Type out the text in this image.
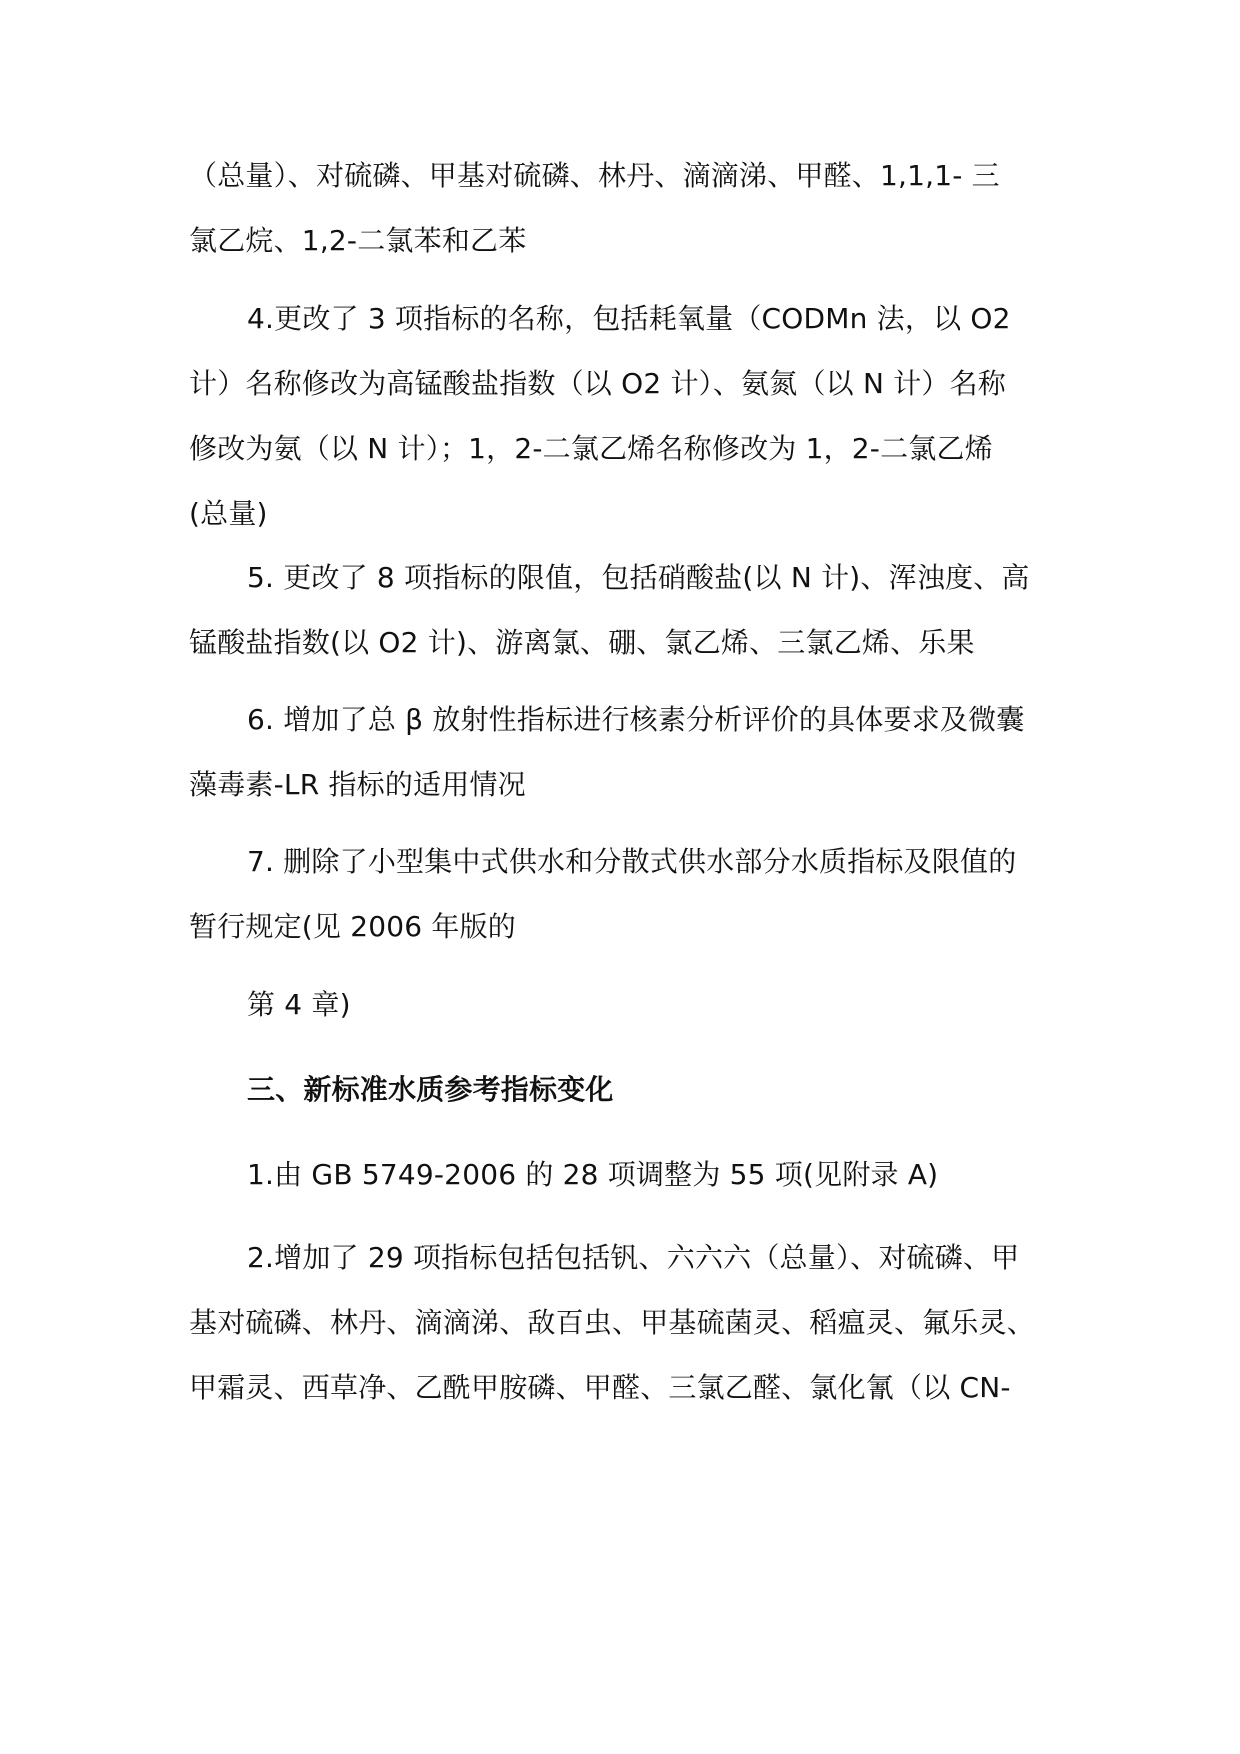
（总量）、对硫磷、甲基对硫磷、林丹、滴滴涕、甲醛、1,1,1- 三
氯乙烷、1,2-二氯苯和乙苯
4.更改了 3 项指标的名称，包括耗氧量（CODMn 法，以 O2
计）名称修改为高锰酸盐指数（以 O2 计）、氨氮（以 N 计）名称
修改为氨（以 N 计）；1，2-二氯乙烯名称修改为 1，2-二氯乙烯
(总量)
5. 更改了 8 项指标的限值，包括硝酸盐(以 N 计)、浑浊度、高
锰酸盐指数(以 O2 计)、游离氯、硼、氯乙烯、三氯乙烯、乐果
6. 增加了总 β 放射性指标进行核素分析评价的具体要求及微囊
藻毒素-LR 指标的适用情况
7. 删除了小型集中式供水和分散式供水部分水质指标及限值的
暂行规定(见 2006 年版的
第 4 章)
三、新标准水质参考指标变化
1.由 GB 5749-2006 的 28 项调整为 55 项(见附录 A)
2.增加了 29 项指标包括包括钒、六六六（总量）、对硫磷、甲
基对硫磷、林丹、滴滴涕、敌百虫、甲基硫菌灵、稻瘟灵、氟乐灵、
甲霜灵、西草净、乙酰甲胺磷、甲醛、三氯乙醛、氯化氰（以 CN-
